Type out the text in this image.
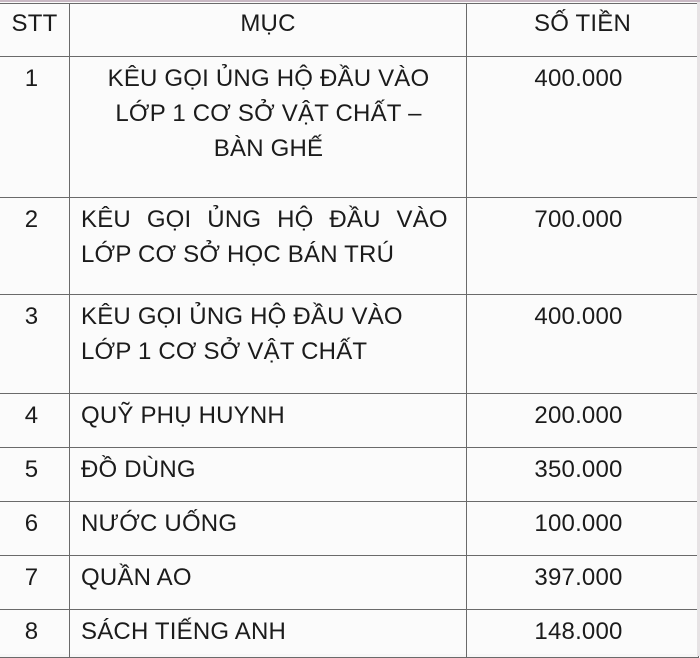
STT	MỤC	SỐ TIỀN
1	KÊU GỌI ỦNG HỘ ĐẦU VÀO
LỚP 1 CƠ SỞ VẬT CHẤT –
BÀN GHẾ	400.000
2	KÊU GỌI ỦNG HỘ ĐẦU VÀO
LỚP CƠ SỞ HỌC BÁN TRÚ	700.000
3	KÊU GỌI ỦNG HỘ ĐẦU VÀO
LỚP 1 CƠ SỞ VẬT CHẤT	400.000
4	QUỸ PHỤ HUYNH	200.000
5	ĐỒ DÙNG	350.000
6	NƯỚC UỐNG	100.000
7	QUẦN AO	397.000
8	SÁCH TIẾNG ANH	148.000
